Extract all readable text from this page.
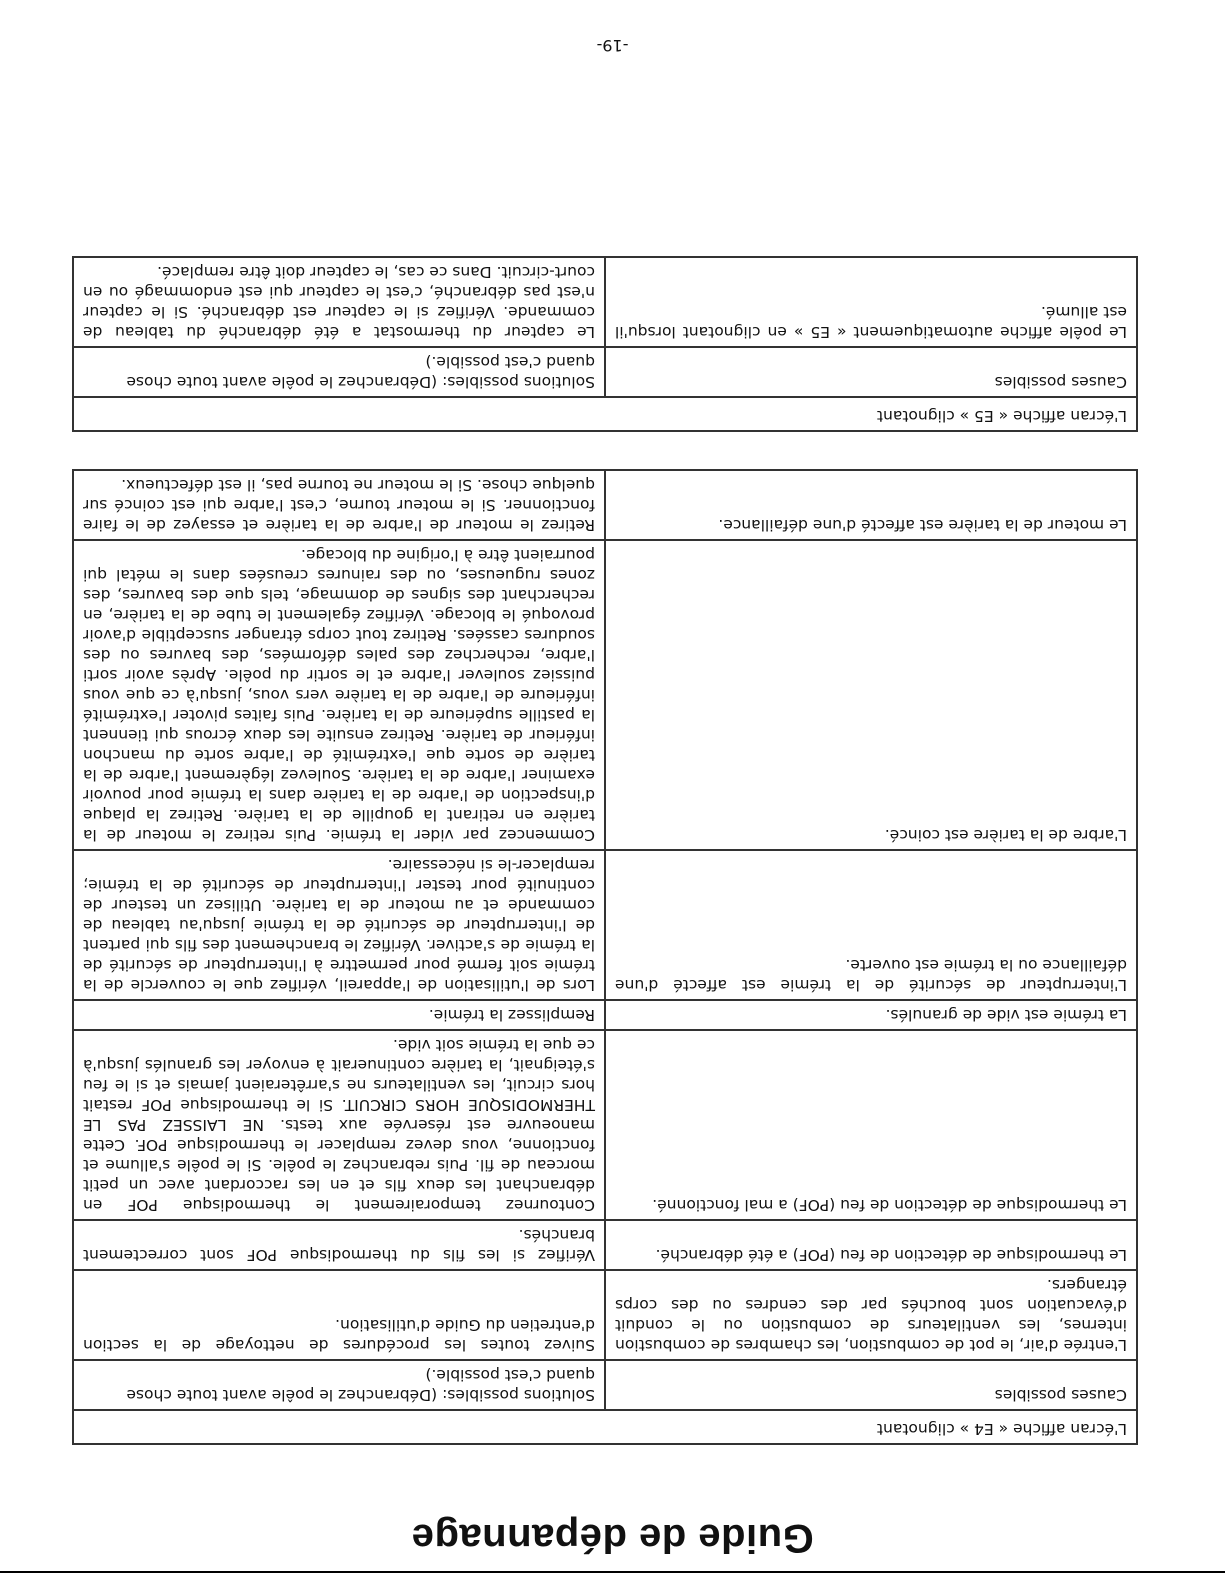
Guide de dépannage
L'écran affiche « E4 » clignotant	
Causes possibles	Solutions possibles: (Débranchez le poêle avant toute chose quand c'est possible.)
L'entrée d'air, le pot de combustion, les chambres de combustion internes, les ventilateurs de combustion ou le conduit d'évacuation sont bouchés par des cendres ou des corps étrangers.	Suivez toutes les procédures de nettoyage de la section d'entretien du Guide d'utilisation.
Le thermodisque de détection de feu (POF) a été débranché.	Vérifiez si les fils du thermodisque POF sont correctement branchés.
Le thermodisque de détection de feu (POF) a mal fonctionné.	Contournez temporairement le thermodisque POF en débranchant les deux fils et en les raccordant avec un petit morceau de fil. Puis rebranchez le poêle. Si le poêle s'allume et fonctionne, vous devez remplacer le thermodisque POF. Cette manoeuvre est réservée aux tests. NE LAISSEZ PAS LE THERMODISQUE HORS CIRCUIT. Si le thermodisque POF restait hors circuit, les ventilateurs ne s'arrêteraient jamais et si le feu s'éteignait, la tarière continuerait à envoyer les granulés jusqu'à ce que la trémie soit vide.
La trémie est vide de granulés.	Remplissez la trémie.
L'interrupteur de sécurité de la trémie est affecté d'une défaillance ou la trémie est ouverte.	Lors de l'utilisation de l'appareil, vérifiez que le couvercle de la trémie soit fermé pour permettre à l'interrupteur de sécurité de la trémie de s'activer. Vérifiez le branchement des fils qui partent de l'interrupteur de sécurité de la trémie jusqu'au tableau de commande et au moteur de la tarière. Utilisez un testeur de continuité pour tester l'interrupteur de sécurité de la trémie; remplacer-le si nécessaire.
L'arbre de la tarière est coincé.	Commencez par vider la trémie. Puis retirez le moteur de la tarière en retirant la goupille de la tarière. Retirez la plaque d'inspection de l'arbre de la tarière dans la trémie pour pouvoir examiner l'arbre de la tarière. Soulevez légèrement l'arbre de la tarière de sorte que l'extrémité de l'arbre sorte du manchon inférieur de tarière. Retirez ensuite les deux écrous qui tiennent la pastille supérieure de la tarière. Puis faites pivoter l'extrémité inférieure de l'arbre de la tarière vers vous, jusqu'à ce que vous puissiez soulever l'arbre et le sortir du poêle. Après avoir sorti l'arbre, recherchez des pales déformées, des bavures ou des soudures cassées. Retirez tout corps étranger susceptible d'avoir provoqué le blocage. Vérifiez également le tube de la tarière, en recherchant des signes de dommage, tels que des bavures, des zones rugueuses, ou des rainures creusées dans le métal qui pourraient être à l'origine du blocage.
Le moteur de la tarière est affecté d'une défaillance.	Retirez le moteur de l'arbre de la tarière et essayez de le faire fonctionner. Si le moteur tourne, c'est l'arbre qui est coincé sur quelque chose. Si le moteur ne tourne pas, il est défectueux.
L'écran affiche « E5 » clignotant	
Causes possibles	Solutions possibles: (Débranchez le poêle avant toute chose quand c'est possible.)
Le poêle affiche automatiquement « E5 » en clignotant lorsqu'il est allumé.	Le capteur du thermostat a été débranché du tableau de commande. Vérifiez si le capteur est débranché. Si le capteur n'est pas débranché, c'est le capteur qui est endommagé ou en court-circuit. Dans ce cas, le capteur doit être remplacé.
-19-
